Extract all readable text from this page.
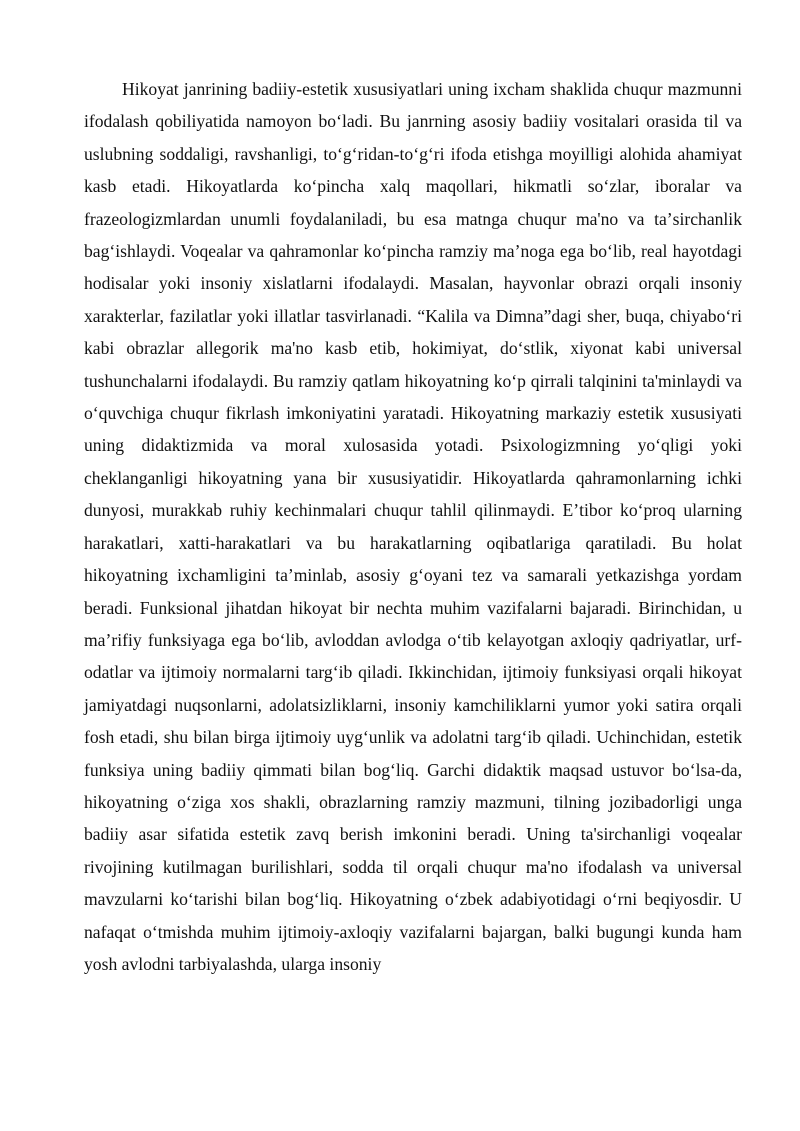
Hikoyat janrining badiiy-estetik xususiyatlari uning ixcham shaklida chuqur mazmunni ifodalash qobiliyatida namoyon boʻladi. Bu janrning asosiy badiiy vositalari orasida til va uslubning soddaligi, ravshanligi, toʻgʻridan-toʻgʻri ifoda etishga moyilligi alohida ahamiyat kasb etadi. Hikoyatlarda koʻpincha xalq maqollari, hikmatli soʻzlar, iboralar va frazeologizmlardan unumli foydalaniladi, bu esa matnga chuqur ma'no va taʼsirchanlik bagʻishlaydi. Voqealar va qahramonlar koʻpincha ramziy maʼnoga ega boʻlib, real hayotdagi hodisalar yoki insoniy xislatlarni ifodalaydi. Masalan, hayvonlar obrazi orqali insoniy xarakterlar, fazilatlar yoki illatlar tasvirlanadi. “Kalila va Dimna”dagi sher, buqa, chiyaboʻri kabi obrazlar allegorik ma'no kasb etib, hokimiyat, doʻstlik, xiyonat kabi universal tushunchalarni ifodalaydi. Bu ramziy qatlam hikoyatning koʻp qirrali talqinini ta'minlaydi va oʻquvchiga chuqur fikrlash imkoniyatini yaratadi. Hikoyatning markaziy estetik xususiyati uning didaktizmida va moral xulosasida yotadi. Psixologizmning yoʻqligi yoki cheklanganligi hikoyatning yana bir xususiyatidir. Hikoyatlarda qahramonlarning ichki dunyosi, murakkab ruhiy kechinmalari chuqur tahlil qilinmaydi. Eʼtibor koʻproq ularning harakatlari, xatti-harakatlari va bu harakatlarning oqibatlariga qaratiladi. Bu holat hikoyatning ixchamligini taʼminlab, asosiy gʻoyani tez va samarali yetkazishga yordam beradi. Funksional jihatdan hikoyat bir nechta muhim vazifalarni bajaradi. Birinchidan, u maʼrifiy funksiyaga ega boʻlib, avloddan avlodga oʻtib kelayotgan axloqiy qadriyatlar, urf-odatlar va ijtimoiy normalarni targʻib qiladi. Ikkinchidan, ijtimoiy funksiyasi orqali hikoyat jamiyatdagi nuqsonlarni, adolatsizliklarni, insoniy kamchiliklarni yumor yoki satira orqali fosh etadi, shu bilan birga ijtimoiy uygʻunlik va adolatni targʻib qiladi. Uchinchidan, estetik funksiya uning badiiy qimmati bilan bogʻliq. Garchi didaktik maqsad ustuvor boʻlsa-da, hikoyatning oʻziga xos shakli, obrazlarning ramziy mazmuni, tilning jozibadorligi unga badiiy asar sifatida estetik zavq berish imkonini beradi. Uning ta'sirchanligi voqealar rivojining kutilmagan burilishlari, sodda til orqali chuqur ma'no ifodalash va universal mavzularni koʻtarishi bilan bogʻliq. Hikoyatning oʻzbek adabiyotidagi oʻrni beqiyosdir. U nafaqat oʻtmishda muhim ijtimoiy-axloqiy vazifalarni bajargan, balki bugungi kunda ham yosh avlodni tarbiyalashda, ularga insoniy
